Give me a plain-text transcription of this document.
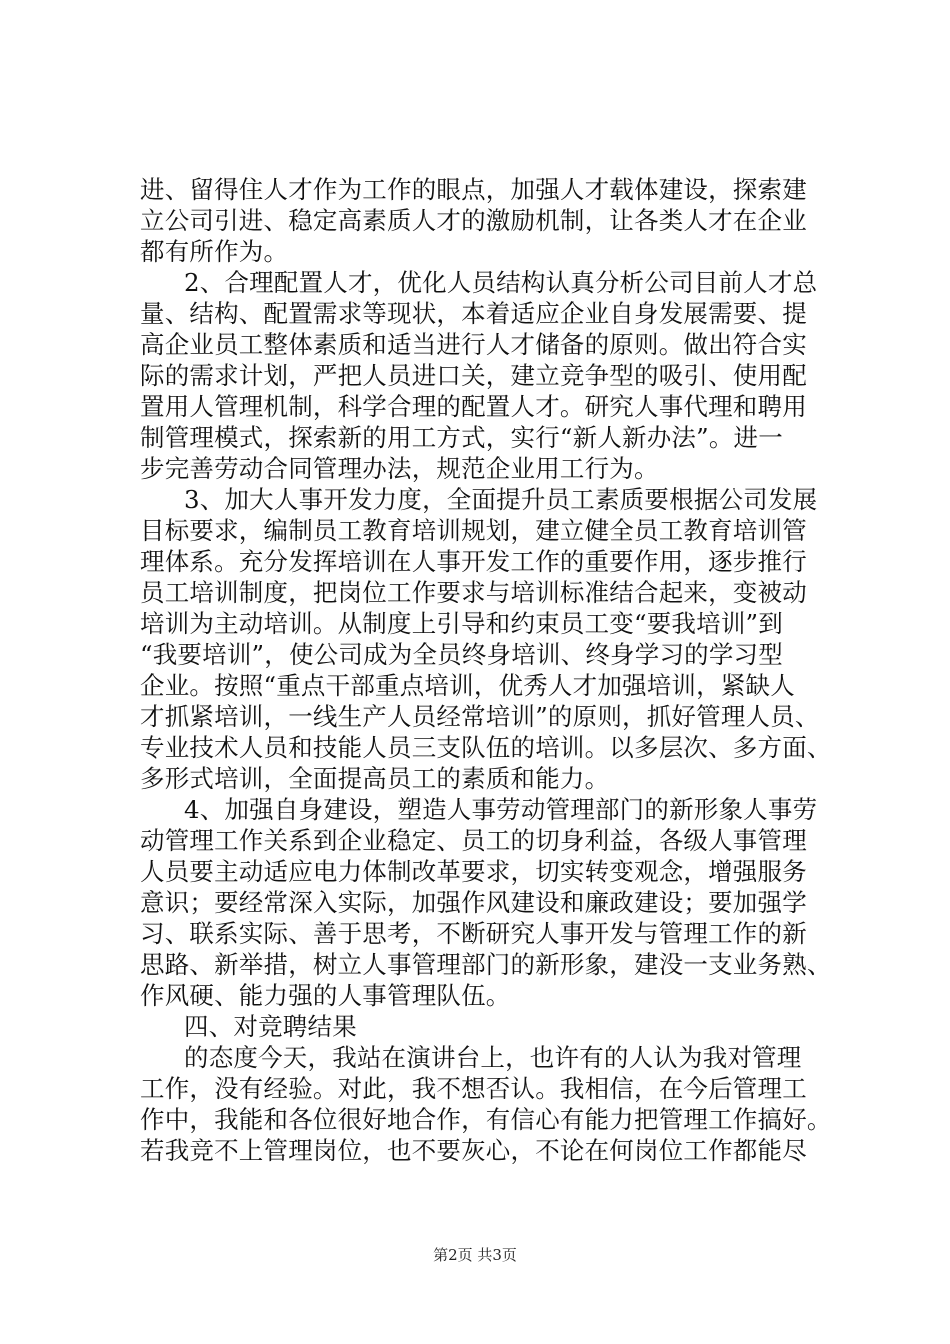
进、留得住人才作为工作的眼点，加强人才载体建设，探索建
立公司引进、稳定高素质人才的激励机制，让各类人才在企业
都有所作为。
2、合理配置人才，优化人员结构认真分析公司目前人才总
量、结构、配置需求等现状，本着适应企业自身发展需要、提
高企业员工整体素质和适当进行人才储备的原则。做出符合实
际的需求计划，严把人员进口关，建立竞争型的吸引、使用配
置用人管理机制，科学合理的配置人才。研究人事代理和聘用
制管理模式，探索新的用工方式，实行“新人新办法”。进一
步完善劳动合同管理办法，规范企业用工行为。
3、加大人事开发力度，全面提升员工素质要根据公司发展
目标要求，编制员工教育培训规划，建立健全员工教育培训管
理体系。充分发挥培训在人事开发工作的重要作用，逐步推行
员工培训制度，把岗位工作要求与培训标准结合起来，变被动
培训为主动培训。从制度上引导和约束员工变“要我培训”到
“我要培训”，使公司成为全员终身培训、终身学习的学习型
企业。按照“重点干部重点培训，优秀人才加强培训，紧缺人
才抓紧培训，一线生产人员经常培训”的原则，抓好管理人员、
专业技术人员和技能人员三支队伍的培训。以多层次、多方面、
多形式培训，全面提高员工的素质和能力。
4、加强自身建设，塑造人事劳动管理部门的新形象人事劳
动管理工作关系到企业稳定、员工的切身利益，各级人事管理
人员要主动适应电力体制改革要求，切实转变观念，增强服务
意识；要经常深入实际，加强作风建设和廉政建设；要加强学
习、联系实际、善于思考，不断研究人事开发与管理工作的新
思路、新举措，树立人事管理部门的新形象，建没一支业务熟、
作风硬、能力强的人事管理队伍。
四、对竞聘结果
的态度今天，我站在演讲台上，也许有的人认为我对管理
工作，没有经验。对此，我不想否认。我相信，在今后管理工
作中，我能和各位很好地合作，有信心有能力把管理工作搞好。
若我竞不上管理岗位，也不要灰心，不论在何岗位工作都能尽
第2页 共3页
